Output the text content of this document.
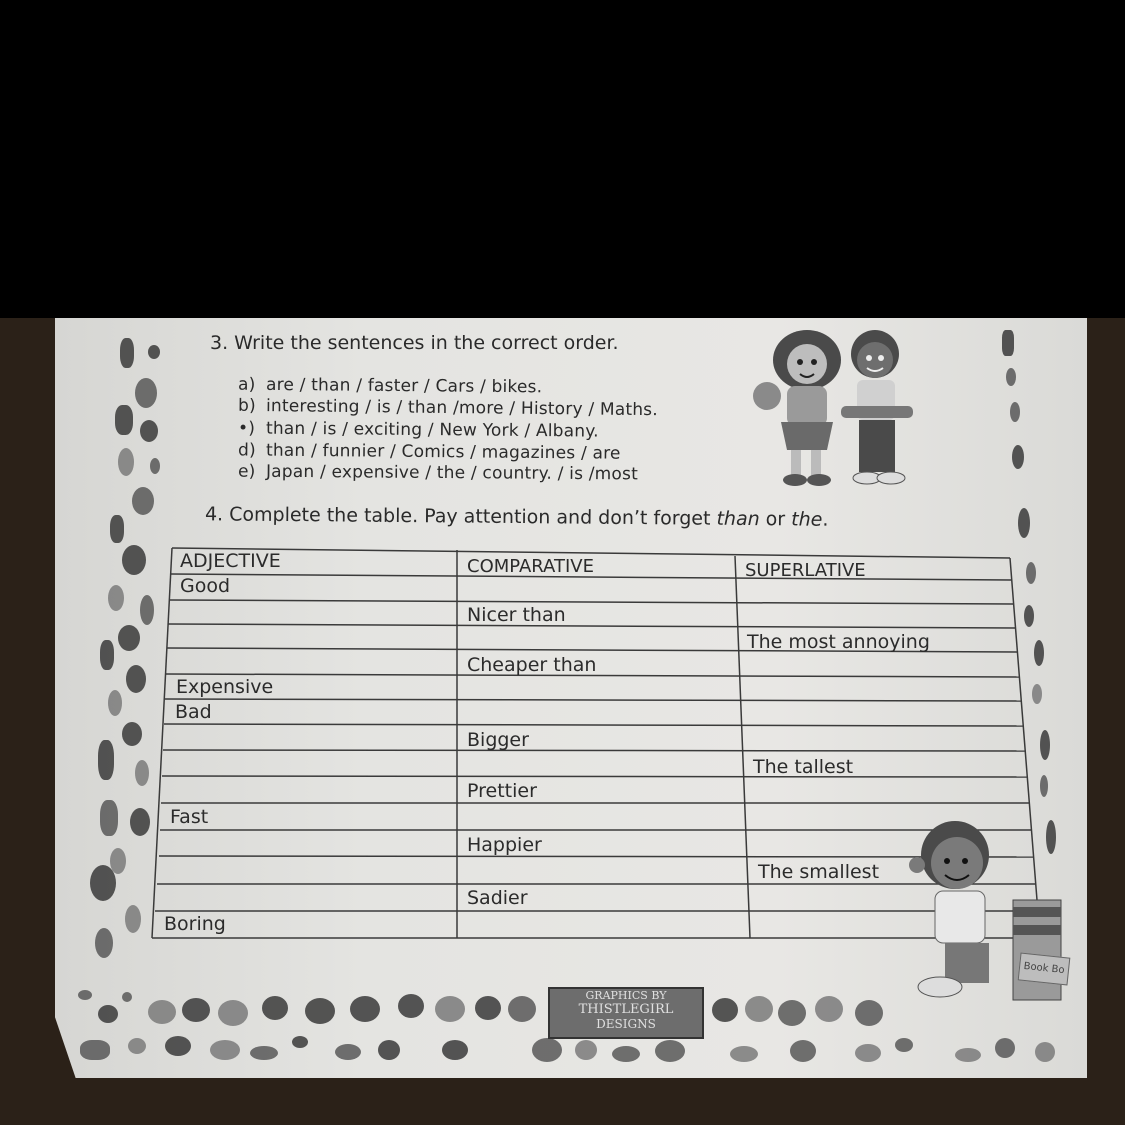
3. Write the sentences in the correct order.
a) are / than / faster / Cars / bikes.
b) interesting / is / than /more / History / Maths.
•) than / is / exciting / New York / Albany.
d) than / funnier / Comics / magazines / are
e) Japan / expensive / the / country. / is /most
4. Complete the table. Pay attention and don’t forget than or the.
ADJECTIVE	COMPARATIVE	SUPERLATIVE
Good
Nicer than
The most annoying
Cheaper than
Expensive
Bad
Bigger
The tallest
Prettier
Fast
Happier
The smallest
Sadier
Boring
Book Bo
GRAPHICS BY
THISTLEGIRL
DESIGNS
